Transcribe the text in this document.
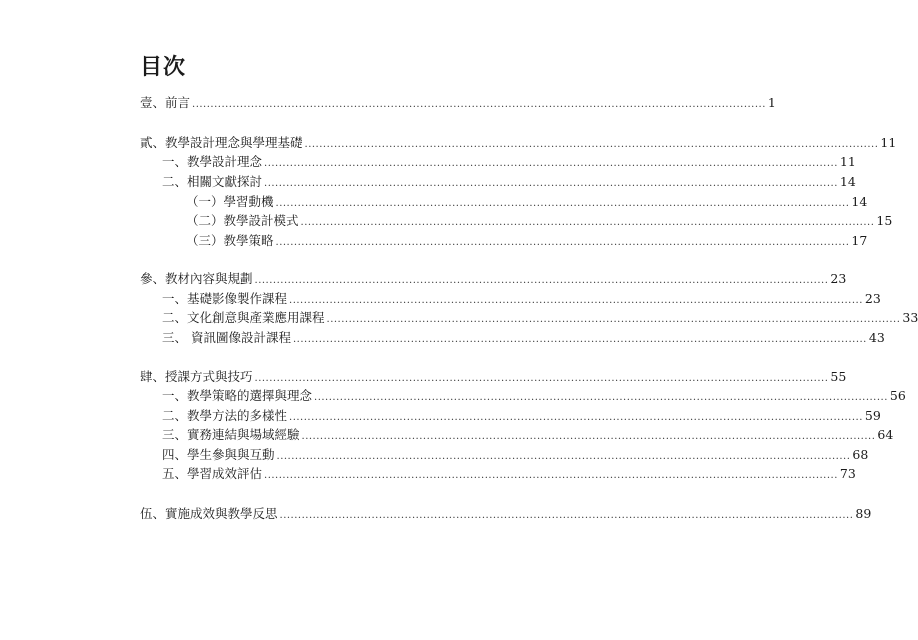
目次
壹、前言 ............................................................................................................................................................ 1
貳、教學設計理念與學理基礎 ............................................................................................................................................................ 11
一、教學設計理念 ............................................................................................................................................................ 11
二、相關文獻探討 ............................................................................................................................................................ 14
（一）學習動機 ............................................................................................................................................................ 14
（二）教學設計模式 ............................................................................................................................................................ 15
（三）教學策略 ............................................................................................................................................................ 17
參、教材內容與規劃 ............................................................................................................................................................ 23
一、基礎影像製作課程 ............................................................................................................................................................ 23
二、文化創意與產業應用課程 ............................................................................................................................................................ 33
三、 資訊圖像設計課程 ............................................................................................................................................................ 43
肆、授課方式與技巧 ............................................................................................................................................................ 55
一、教學策略的選擇與理念 ............................................................................................................................................................ 56
二、教學方法的多樣性 ............................................................................................................................................................ 59
三、實務連結與場域經驗 ............................................................................................................................................................ 64
四、學生參與與互動 ............................................................................................................................................................ 68
五、學習成效評估 ............................................................................................................................................................ 73
伍、實施成效與教學反思 ............................................................................................................................................................ 89
